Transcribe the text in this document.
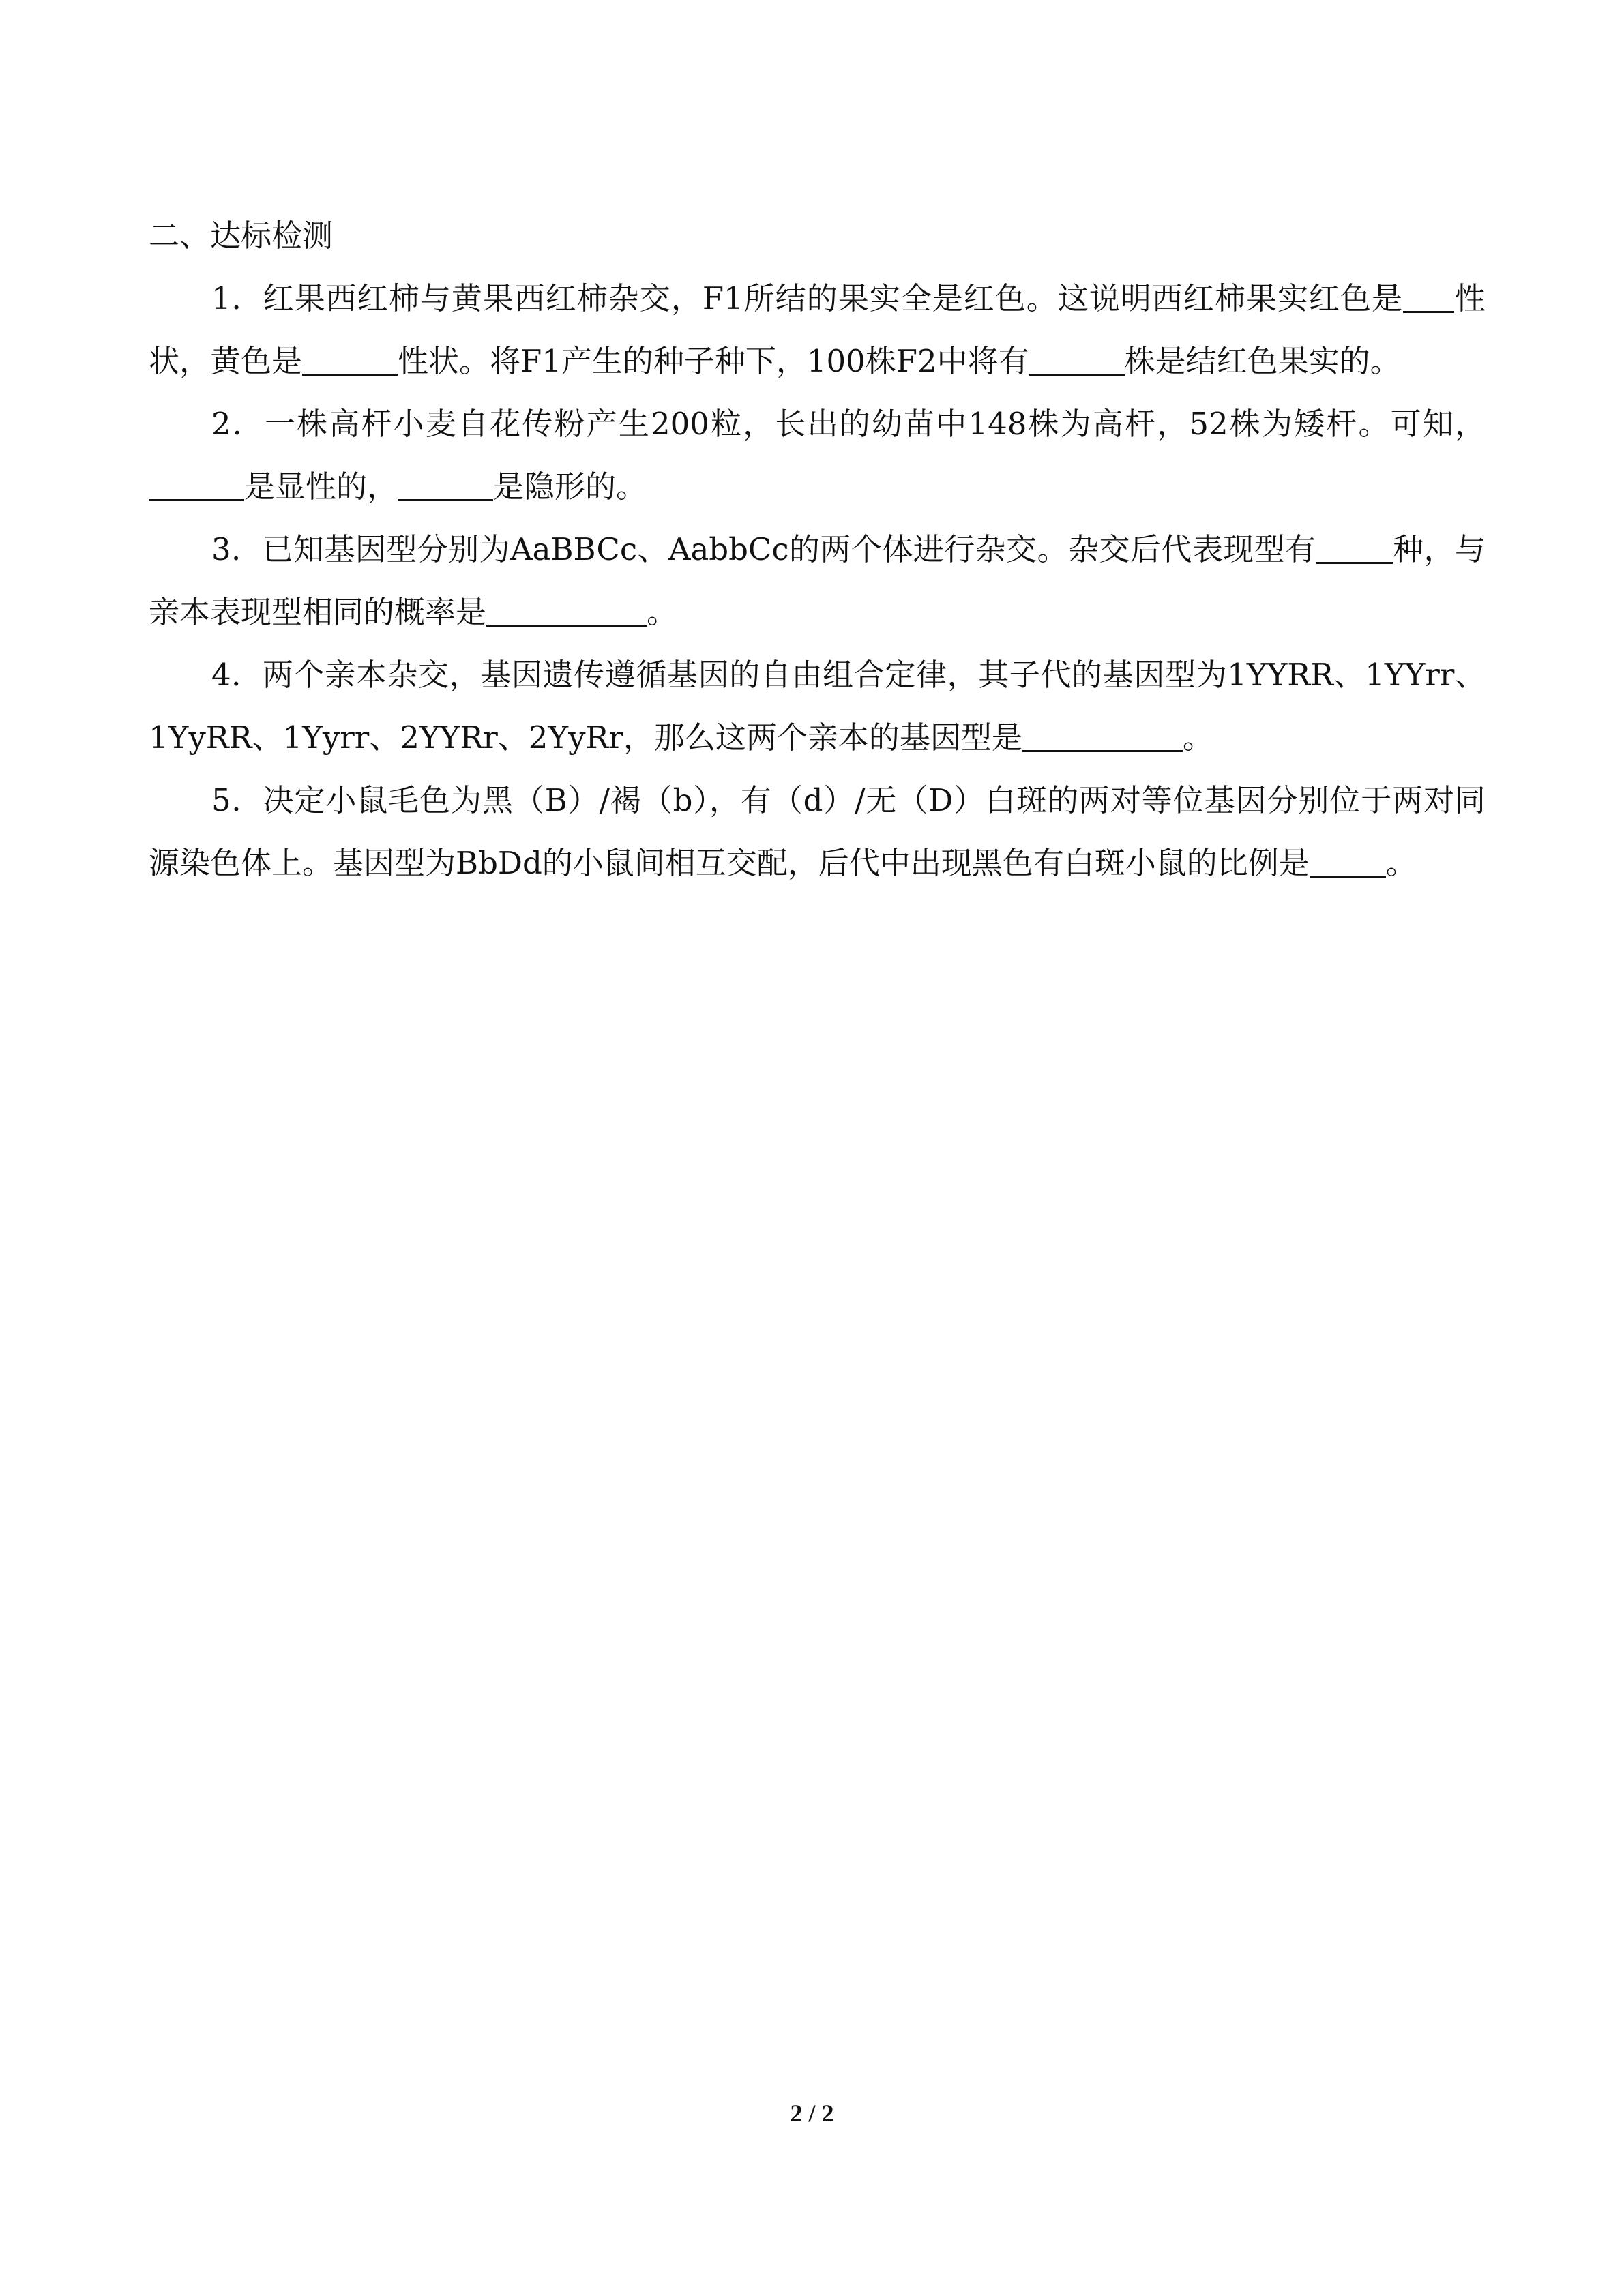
二、达标检测

1．红果西红柿与黄果西红柿杂交，F1所结的果实全是红色。这说明西红柿果实红色是 性状，黄色是	性状。将F1产生的种子种下，100株F2中将有	株是结红色果实的。

2．一株高杆小麦自花传粉产生200粒，长出的幼苗中148株为高杆，52株为矮杆。可知，是显性的，	是隐形的。

3．已知基因型分别为AaBBCc、AabbCc的两个体进行杂交。杂交后代表现型有 种，与亲本表现型相同的概率是	。

4．两个亲本杂交，基因遗传遵循基因的自由组合定律，其子代的基因型为1YYRR、1YYrr、1YyRR、1Yyrr、2YYRr、2YyRr，那么这两个亲本的基因型是	。

5．决定小鼠毛色为黑（B）/褐（b），有（d）/无（D）白斑的两对等位基因分别位于两对同源染色体上。基因型为BbDd的小鼠间相互交配，后代中出现黑色有白斑小鼠的比例是 。

2 / 2
